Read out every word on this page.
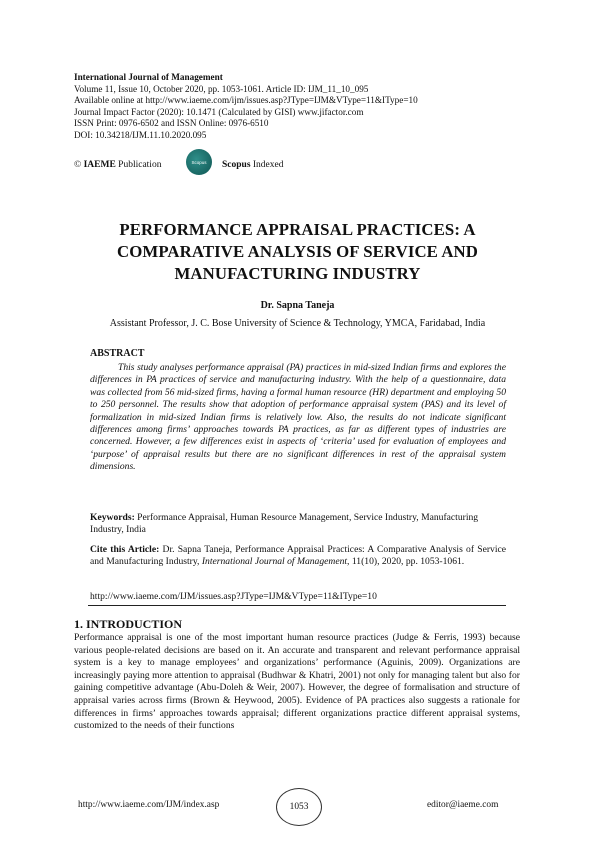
International Journal of Management
Volume 11, Issue 10, October 2020, pp. 1053-1061. Article ID: IJM_11_10_095
Available online at http://www.iaeme.com/ijm/issues.asp?JType=IJM&VType=11&IType=10
Journal Impact Factor (2020): 10.1471 (Calculated by GISI) www.jifactor.com
ISSN Print: 0976-6502 and ISSN Online: 0976-6510
DOI: 10.34218/IJM.11.10.2020.095
© IAEME Publication	Scopus Scopus Indexed
PERFORMANCE APPRAISAL PRACTICES: A
COMPARATIVE ANALYSIS OF SERVICE AND
MANUFACTURING INDUSTRY
Dr. Sapna Taneja
Assistant Professor, J. C. Bose University of Science & Technology, YMCA, Faridabad, India
ABSTRACT

This study analyses performance appraisal (PA) practices in mid-sized Indian firms and explores the differences in PA practices of service and manufacturing industry. With the help of a questionnaire, data was collected from 56 mid-sized firms, having a formal human resource (HR) department and employing 50 to 250 personnel. The results show that adoption of performance appraisal system (PAS) and its level of formalization in mid-sized Indian firms is relatively low. Also, the results do not indicate significant differences among firms’ approaches towards PA practices, as far as different types of industries are concerned. However, a few differences exist in aspects of ‘criteria’ used for evaluation of employees and ‘purpose’ of appraisal results but there are no significant differences in rest of the appraisal system dimensions.

Keywords: Performance Appraisal, Human Resource Management, Service Industry, Manufacturing Industry, India
Cite this Article: Dr. Sapna Taneja, Performance Appraisal Practices: A Comparative Analysis of Service and Manufacturing Industry, International Journal of Management, 11(10), 2020, pp. 1053-1061.
http://www.iaeme.com/IJM/issues.asp?JType=IJM&VType=11&IType=10
1. INTRODUCTION

Performance appraisal is one of the most important human resource practices (Judge & Ferris, 1993) because various people-related decisions are based on it. An accurate and transparent and relevant performance appraisal system is a key to manage employees’ and organizations’ performance (Aguinis, 2009). Organizations are increasingly paying more attention to appraisal (Budhwar & Khatri, 2001) not only for managing talent but also for gaining competitive advantage (Abu-Doleh & Weir, 2007). However, the degree of formalisation and structure of appraisal varies across firms (Brown & Heywood, 2005). Evidence of PA practices also suggests a rationale for differences in firms’ approaches towards appraisal; different organizations practice different appraisal systems, customized to the needs of their functions

http://www.iaeme.com/IJM/index.asp	1053	editor@iaeme.com
